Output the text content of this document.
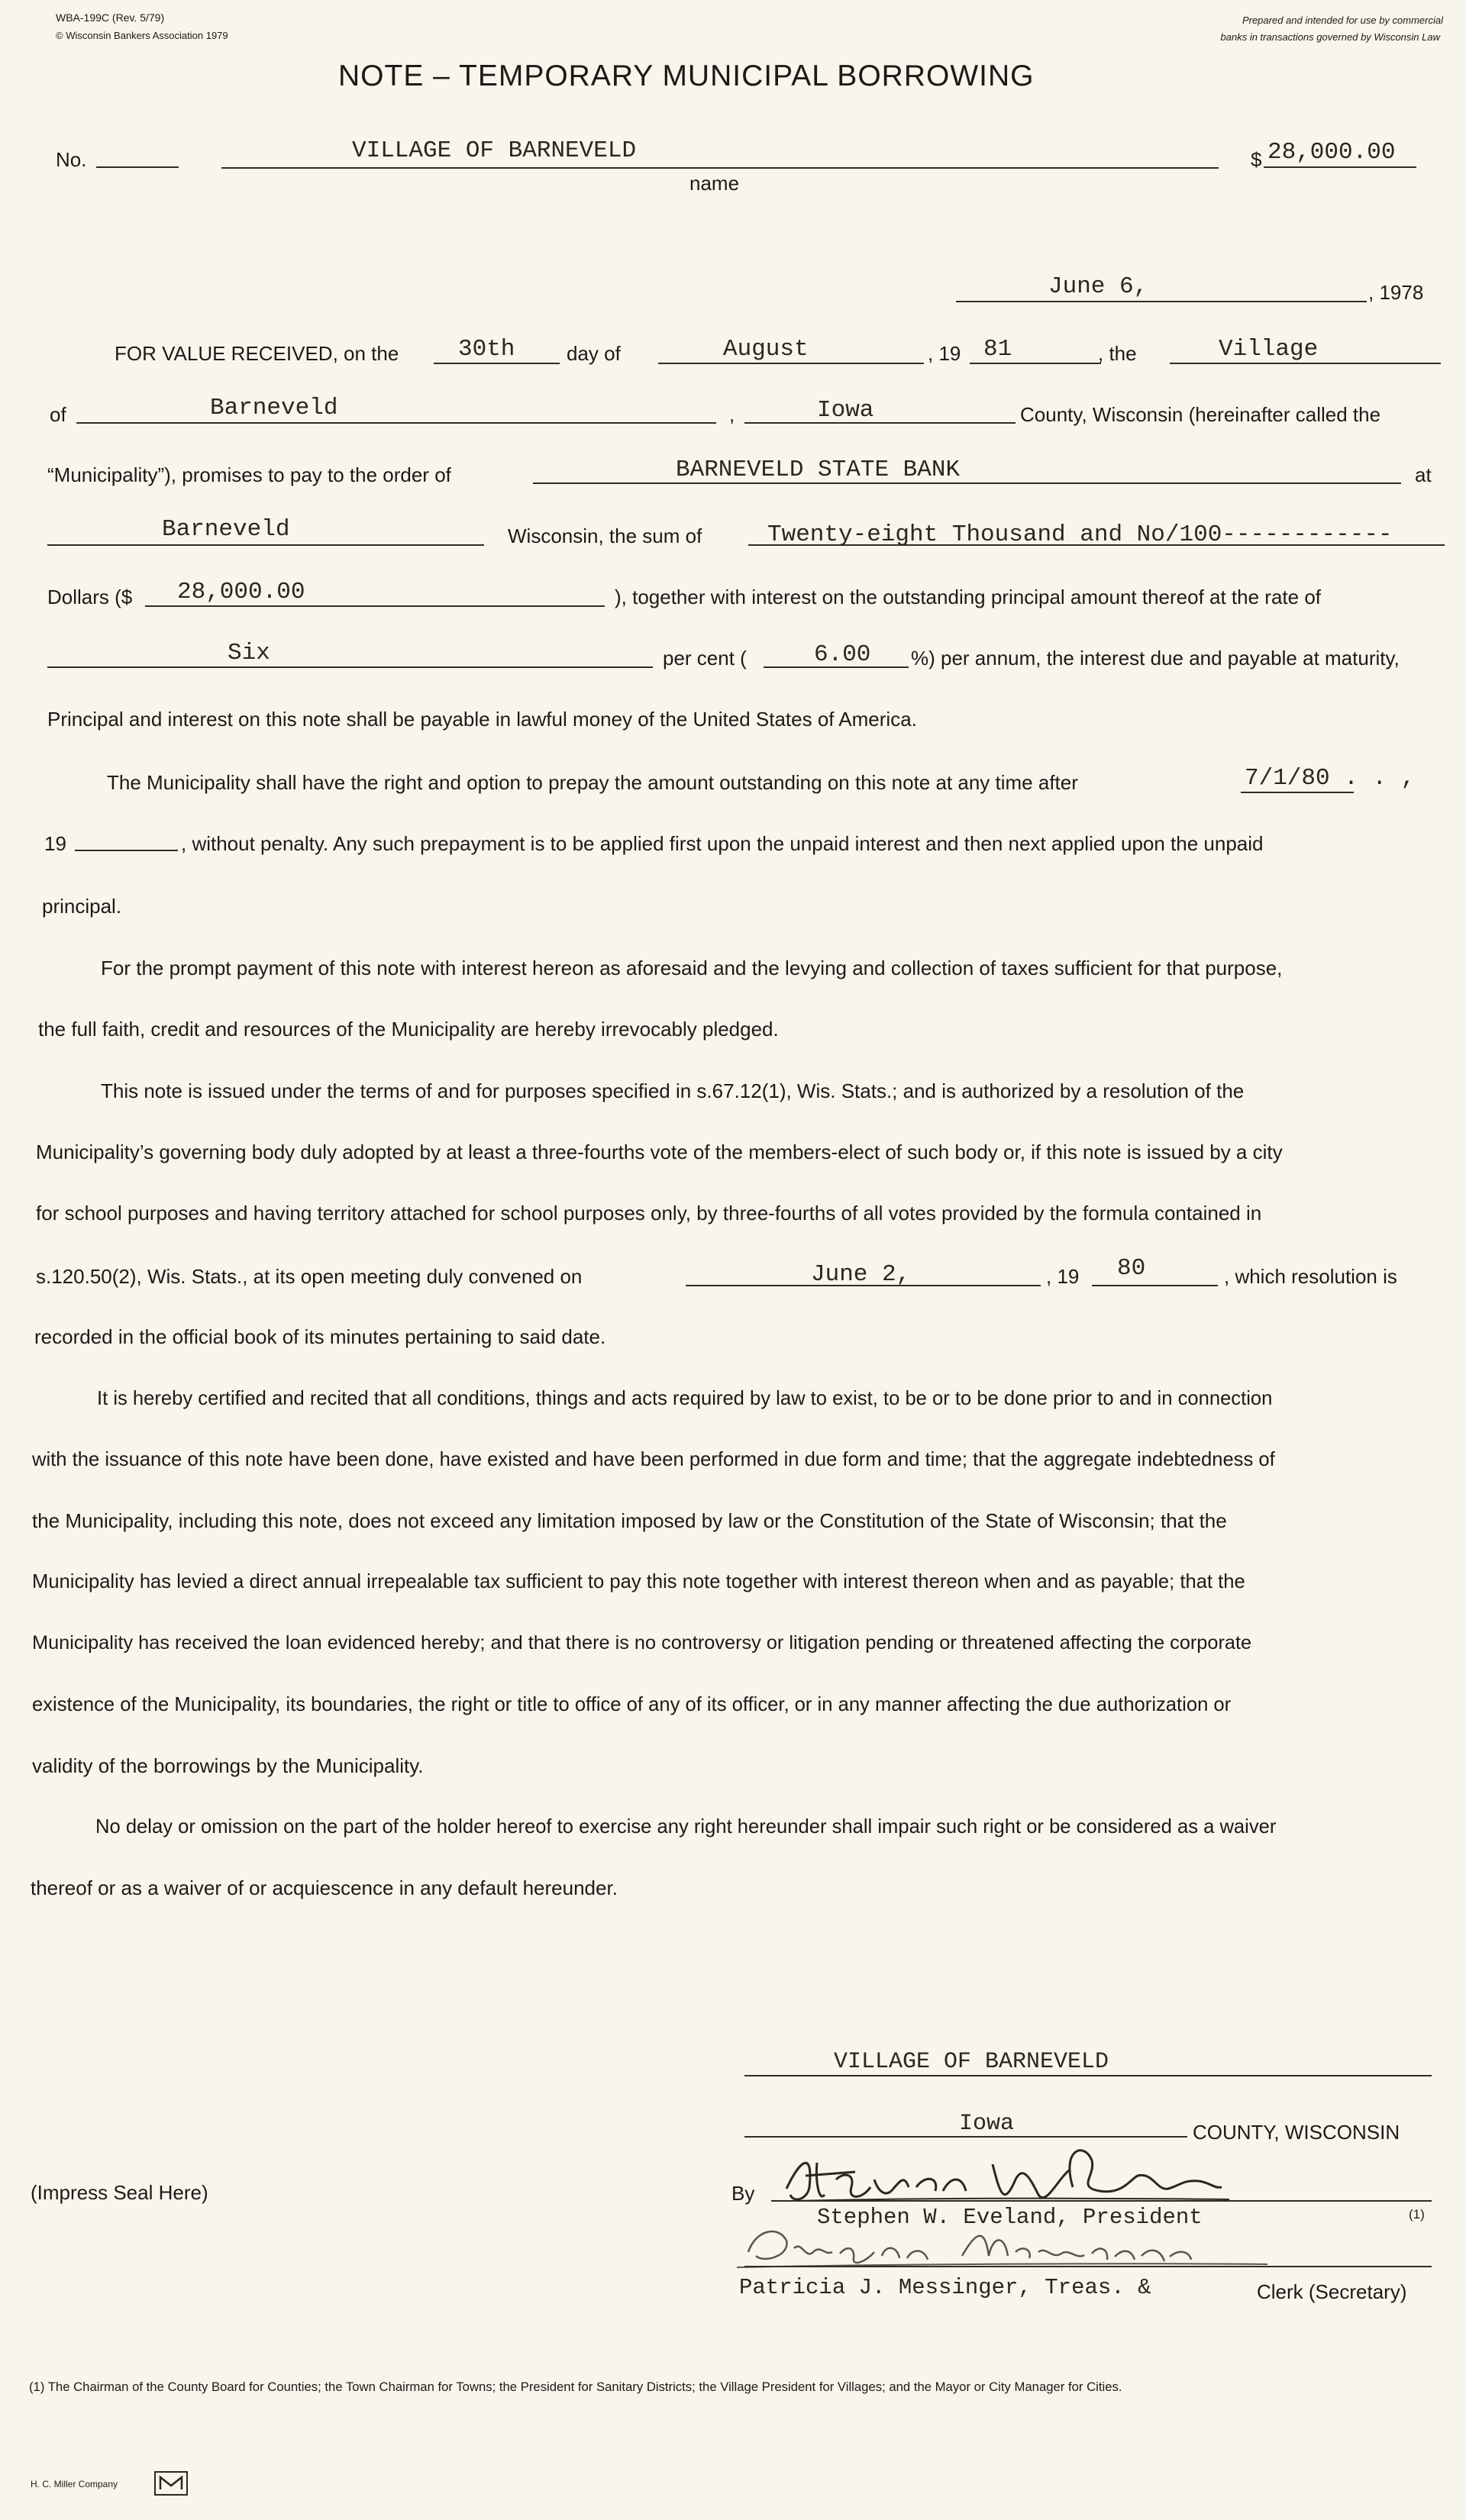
WBA-199C (Rev. 5/79)
© Wisconsin Bankers Association 1979
Prepared and intended for use by commercial
banks in transactions governed by Wisconsin Law
NOTE – TEMPORARY MUNICIPAL BORROWING
No.	VILLAGE OF BARNEVELD
name
$ 28,000.00
June 6,	, 1978
FOR VALUE RECEIVED, on the	30th	day of	August	, 19 81	, the	Village
of	Barneveld	,	Iowa	County, Wisconsin (hereinafter called the
“Municipality”), promises to pay to the order of	BARNEVELD STATE BANK	at
Barneveld	Wisconsin, the sum of	Twenty-eight Thousand and No/100------------
Dollars ($ 28,000.00	), together with interest on the outstanding principal amount thereof at the rate of
Six	per cent (	6.00 %) per annum, the interest due and payable at maturity,
Principal and interest on this note shall be payable in lawful money of the United States of America.
The Municipality shall have the right and option to prepay the amount outstanding on this note at any time after	7/1/80 . . ,
19	, without penalty. Any such prepayment is to be applied first upon the unpaid interest and then next applied upon the unpaid
principal.
For the prompt payment of this note with interest hereon as aforesaid and the levying and collection of taxes sufficient for that purpose,
the full faith, credit and resources of the Municipality are hereby irrevocably pledged.
This note is issued under the terms of and for purposes specified in s.67.12(1), Wis. Stats.; and is authorized by a resolution of the
Municipality’s governing body duly adopted by at least a three-fourths vote of the members-elect of such body or, if this note is issued by a city
for school purposes and having territory attached for school purposes only, by three-fourths of all votes provided by the formula contained in
s.120.50(2), Wis. Stats., at its open meeting duly convened on	June 2,	, 19 80	, which resolution is
recorded in the official book of its minutes pertaining to said date.
It is hereby certified and recited that all conditions, things and acts required by law to exist, to be or to be done prior to and in connection
with the issuance of this note have been done, have existed and have been performed in due form and time; that the aggregate indebtedness of
the Municipality, including this note, does not exceed any limitation imposed by law or the Constitution of the State of Wisconsin; that the
Municipality has levied a direct annual irrepealable tax sufficient to pay this note together with interest thereon when and as payable; that the
Municipality has received the loan evidenced hereby; and that there is no controversy or litigation pending or threatened affecting the corporate
existence of the Municipality, its boundaries, the right or title to office of any of its officer, or in any manner affecting the due authorization or
validity of the borrowings by the Municipality.
No delay or omission on the part of the holder hereof to exercise any right hereunder shall impair such right or be considered as a waiver
thereof or as a waiver of or acquiescence in any default hereunder.
VILLAGE OF BARNEVELD
Iowa	COUNTY, WISCONSIN
(Impress Seal Here)	By
Stephen W. Eveland, President	(1)
Patricia J. Messinger, Treas. &	Clerk (Secretary)
(1) The Chairman of the County Board for Counties; the Town Chairman for Towns; the President for Sanitary Districts; the Village President for Villages; and the Mayor or City Manager for Cities.
H. C. Miller Company
